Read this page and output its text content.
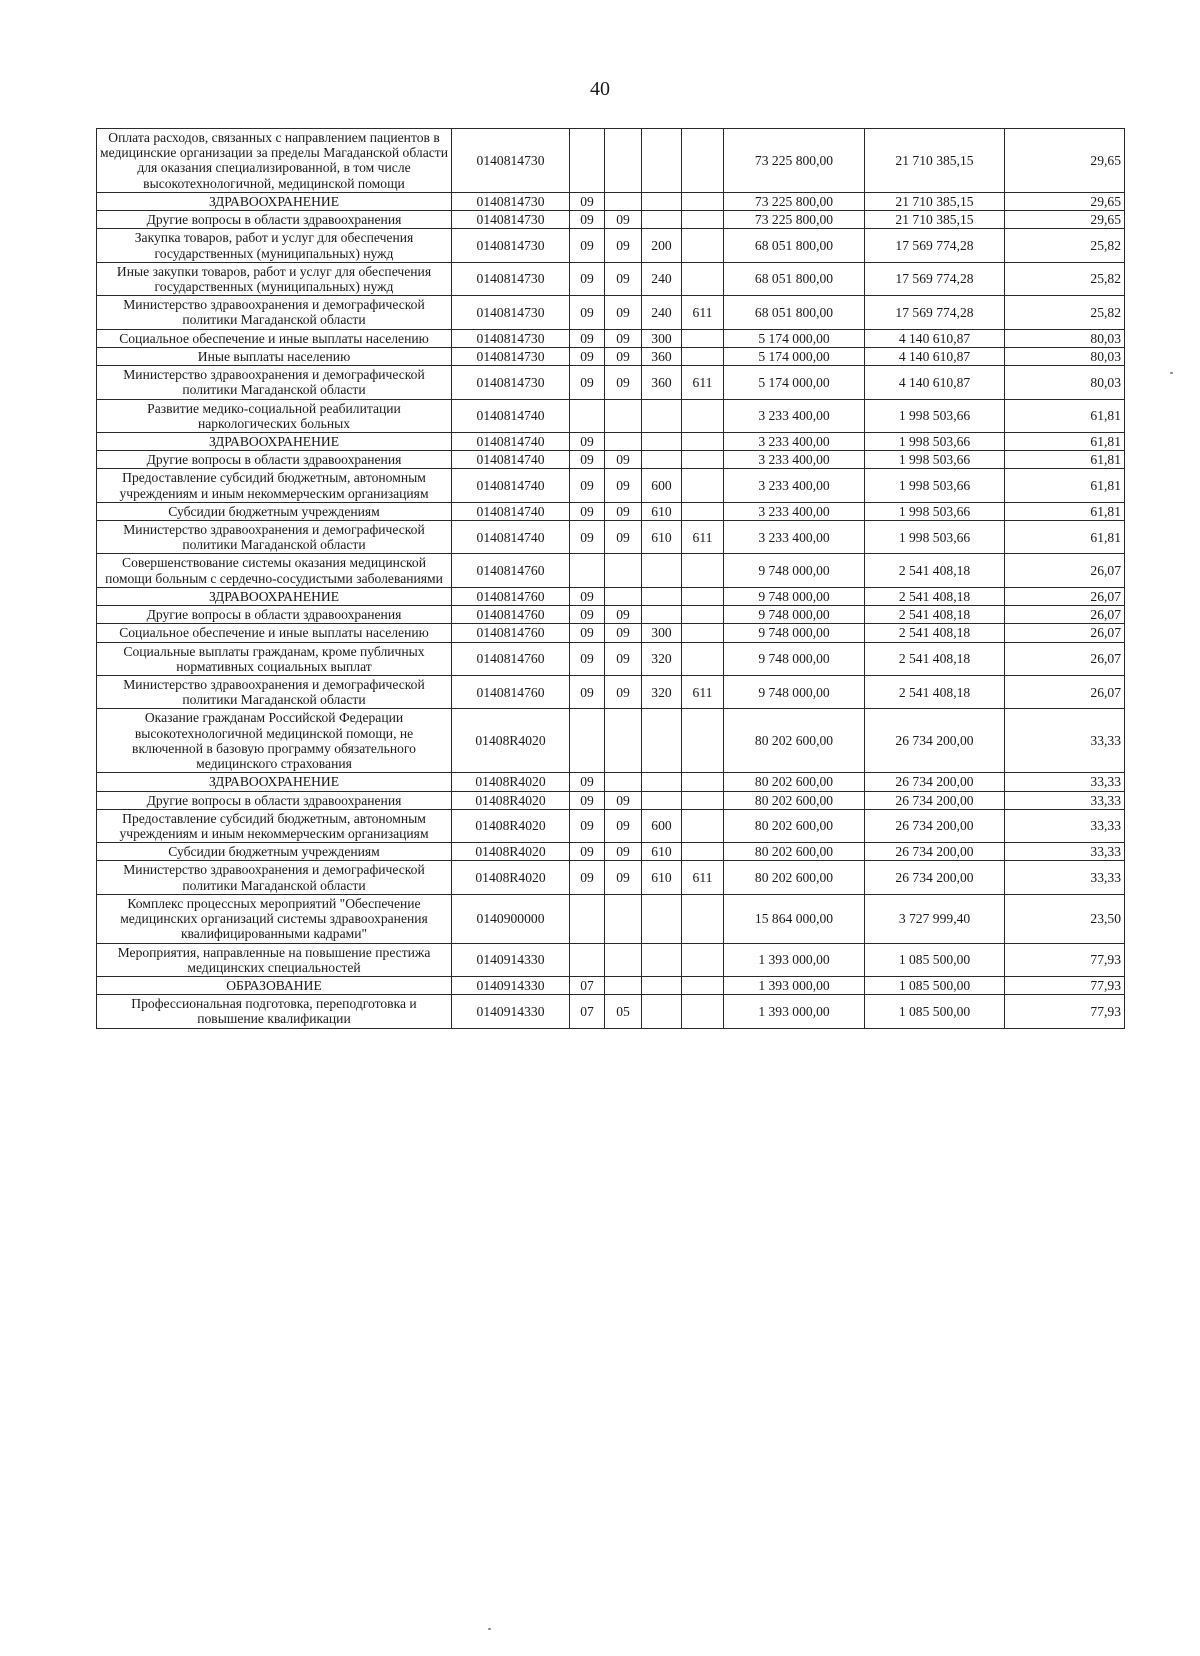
40
Оплата расходов, связанных с направлением пациентов в медицинские организации за пределы Магаданской области для оказания специализированной, в том числе высокотехнологичной, медицинской помощи	0140814730					73 225 800,00	21 710 385,15	29,65
ЗДРАВООХРАНЕНИЕ	0140814730	09				73 225 800,00	21 710 385,15	29,65
Другие вопросы в области здравоохранения	0140814730	09	09			73 225 800,00	21 710 385,15	29,65
Закупка товаров, работ и услуг для обеспечения государственных (муниципальных) нужд	0140814730	09	09	200		68 051 800,00	17 569 774,28	25,82
Иные закупки товаров, работ и услуг для обеспечения государственных (муниципальных) нужд	0140814730	09	09	240		68 051 800,00	17 569 774,28	25,82
Министерство здравоохранения и демографической политики Магаданской области	0140814730	09	09	240	611	68 051 800,00	17 569 774,28	25,82
Социальное обеспечение и иные выплаты населению	0140814730	09	09	300		5 174 000,00	4 140 610,87	80,03
Иные выплаты населению	0140814730	09	09	360		5 174 000,00	4 140 610,87	80,03
Министерство здравоохранения и демографической политики Магаданской области	0140814730	09	09	360	611	5 174 000,00	4 140 610,87	80,03
Развитие медико-социальной реабилитации наркологических больных	0140814740					3 233 400,00	1 998 503,66	61,81
ЗДРАВООХРАНЕНИЕ	0140814740	09				3 233 400,00	1 998 503,66	61,81
Другие вопросы в области здравоохранения	0140814740	09	09			3 233 400,00	1 998 503,66	61,81
Предоставление субсидий бюджетным, автономным учреждениям и иным некоммерческим организациям	0140814740	09	09	600		3 233 400,00	1 998 503,66	61,81
Субсидии бюджетным учреждениям	0140814740	09	09	610		3 233 400,00	1 998 503,66	61,81
Министерство здравоохранения и демографической политики Магаданской области	0140814740	09	09	610	611	3 233 400,00	1 998 503,66	61,81
Совершенствование системы оказания медицинской помощи больным с сердечно-сосудистыми заболеваниями	0140814760					9 748 000,00	2 541 408,18	26,07
ЗДРАВООХРАНЕНИЕ	0140814760	09				9 748 000,00	2 541 408,18	26,07
Другие вопросы в области здравоохранения	0140814760	09	09			9 748 000,00	2 541 408,18	26,07
Социальное обеспечение и иные выплаты населению	0140814760	09	09	300		9 748 000,00	2 541 408,18	26,07
Социальные выплаты гражданам, кроме публичных нормативных социальных выплат	0140814760	09	09	320		9 748 000,00	2 541 408,18	26,07
Министерство здравоохранения и демографической политики Магаданской области	0140814760	09	09	320	611	9 748 000,00	2 541 408,18	26,07
Оказание гражданам Российской Федерации высокотехнологичной медицинской помощи, не включенной в базовую программу обязательного медицинского страхования	01408R4020					80 202 600,00	26 734 200,00	33,33
ЗДРАВООХРАНЕНИЕ	01408R4020	09				80 202 600,00	26 734 200,00	33,33
Другие вопросы в области здравоохранения	01408R4020	09	09			80 202 600,00	26 734 200,00	33,33
Предоставление субсидий бюджетным, автономным учреждениям и иным некоммерческим организациям	01408R4020	09	09	600		80 202 600,00	26 734 200,00	33,33
Субсидии бюджетным учреждениям	01408R4020	09	09	610		80 202 600,00	26 734 200,00	33,33
Министерство здравоохранения и демографической политики Магаданской области	01408R4020	09	09	610	611	80 202 600,00	26 734 200,00	33,33
Комплекс процессных мероприятий "Обеспечение медицинских организаций системы здравоохранения квалифицированными кадрами"	0140900000					15 864 000,00	3 727 999,40	23,50
Мероприятия, направленные на повышение престижа медицинских специальностей	0140914330					1 393 000,00	1 085 500,00	77,93
ОБРАЗОВАНИЕ	0140914330	07				1 393 000,00	1 085 500,00	77,93
Профессиональная подготовка, переподготовка и повышение квалификации	0140914330	07	05			1 393 000,00	1 085 500,00	77,93
